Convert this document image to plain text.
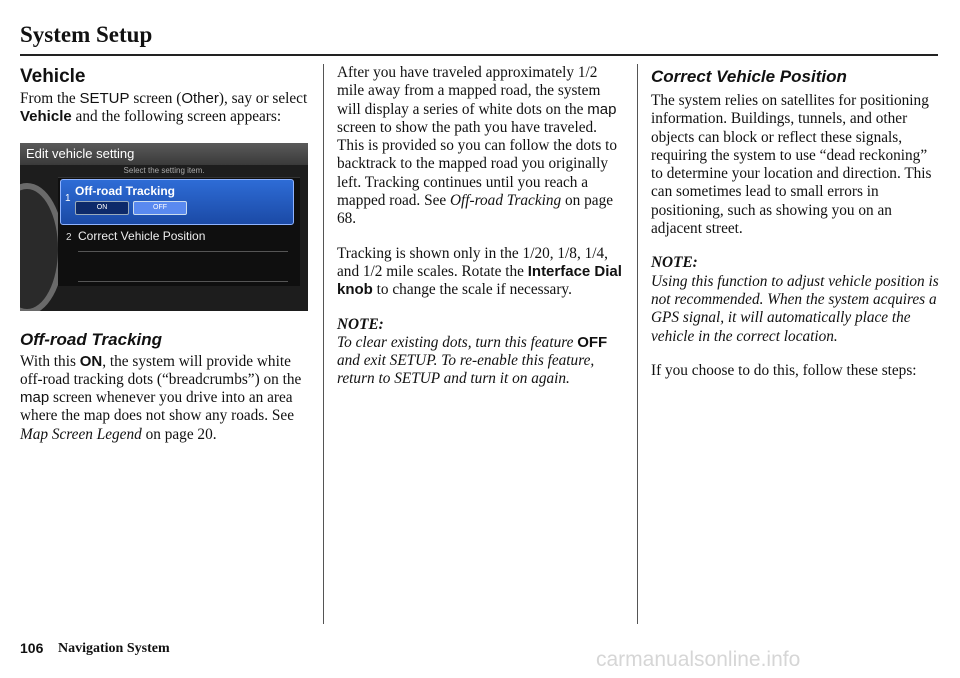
System Setup
Vehicle

From the SETUP screen (Other), say or select Vehicle and the following screen appears:

Edit vehicle setting
Select the setting item.
1
Off-road Tracking
ON	OFF
2 Correct Vehicle Position
Off-road Tracking

With this ON, the system will provide white off-road tracking dots (“breadcrumbs”) on the map screen whenever you drive into an area where the map does not show any roads. See Map Screen Legend on page 20.

After you have traveled approximately 1/2 mile away from a mapped road, the system will display a series of white dots on the map screen to show the path you have traveled. This is provided so you can follow the dots to backtrack to the mapped road you originally left. Tracking continues until you reach a mapped road. See Off-road Tracking on page 68.

Tracking is shown only in the 1/20, 1/8, 1/4, and 1/2 mile scales. Rotate the Interface Dial knob to change the scale if necessary.

NOTE:

To clear existing dots, turn this feature OFF and exit SETUP. To re-enable this feature, return to SETUP and turn it on again.

Correct Vehicle Position

The system relies on satellites for positioning information. Buildings, tunnels, and other objects can block or reflect these signals, requiring the system to use “dead reckoning” to determine your location and direction. This can sometimes lead to small errors in positioning, such as showing you on an adjacent street.

NOTE:

Using this function to adjust vehicle position is not recommended. When the system acquires a GPS signal, it will automatically place the vehicle in the correct location.

If you choose to do this, follow these steps:

106 Navigation System	carmanualsonline.info
